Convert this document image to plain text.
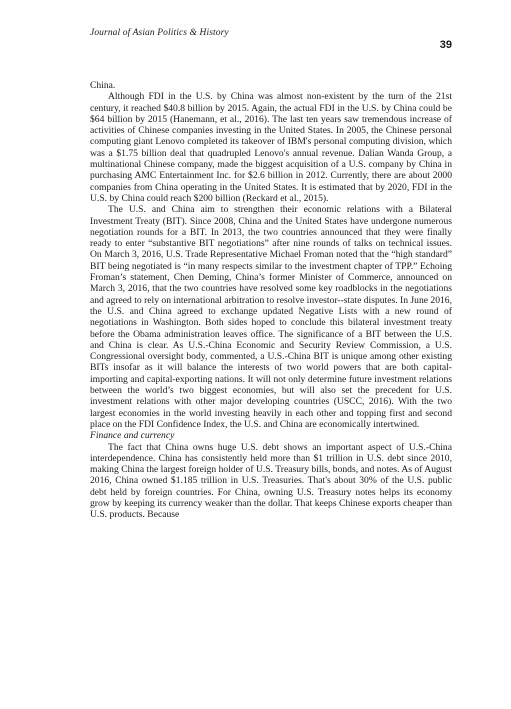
Journal of Asian Politics & History
39

China.

Although FDI in the U.S. by China was almost non-existent by the turn of the 21st century, it reached $40.8 billion by 2015. Again, the actual FDI in the U.S. by China could be $64 billion by 2015 (Hanemann, et al., 2016). The last ten years saw tremendous increase of activities of Chinese companies investing in the United States. In 2005, the Chinese personal computing giant Lenovo completed its takeover of IBM's personal computing division, which was a $1.75 billion deal that quadrupled Lenovo's annual revenue. Dalian Wanda Group, a multinational Chinese company, made the biggest acquisition of a U.S. company by China in purchasing AMC Entertainment Inc. for $2.6 billion in 2012. Currently, there are about 2000 companies from China operating in the United States. It is estimated that by 2020, FDI in the U.S. by China could reach $200 billion (Reckard et al., 2015).

The U.S. and China aim to strengthen their economic relations with a Bilateral Investment Treaty (BIT). Since 2008, China and the United States have undergone numerous negotiation rounds for a BIT. In 2013, the two countries announced that they were finally ready to enter “substantive BIT negotiations” after nine rounds of talks on technical issues. On March 3, 2016, U.S. Trade Representative Michael Froman noted that the “high standard” BIT being negotiated is “in many respects similar to the investment chapter of TPP.” Echoing Froman’s statement, Chen Deming, China’s former Minister of Commerce, announced on March 3, 2016, that the two countries have resolved some key roadblocks in the negotiations and agreed to rely on international arbitration to resolve investor--state disputes. In June 2016, the U.S. and China agreed to exchange updated Negative Lists with a new round of negotiations in Washington. Both sides hoped to conclude this bilateral investment treaty before the Obama administration leaves office. The significance of a BIT between the U.S. and China is clear. As U.S.-China Economic and Security Review Commission, a U.S. Congressional oversight body, commented, a U.S.-China BIT is unique among other existing BITs insofar as it will balance the interests of two world powers that are both capital-importing and capital-exporting nations. It will not only determine future investment relations between the world’s two biggest economies, but will also set the precedent for U.S. investment relations with other major developing countries (USCC, 2016). With the two largest economies in the world investing heavily in each other and topping first and second place on the FDI Confidence Index, the U.S. and China are economically intertwined.

Finance and currency

The fact that China owns huge U.S. debt shows an important aspect of U.S.-China interdependence. China has consistently held more than $1 trillion in U.S. debt since 2010, making China the largest foreign holder of U.S. Treasury bills, bonds, and notes. As of August 2016, China owned $1.185 trillion in U.S. Treasuries. That's about 30% of the U.S. public debt held by foreign countries. For China, owning U.S. Treasury notes helps its economy grow by keeping its currency weaker than the dollar. That keeps Chinese exports cheaper than U.S. products. Because
